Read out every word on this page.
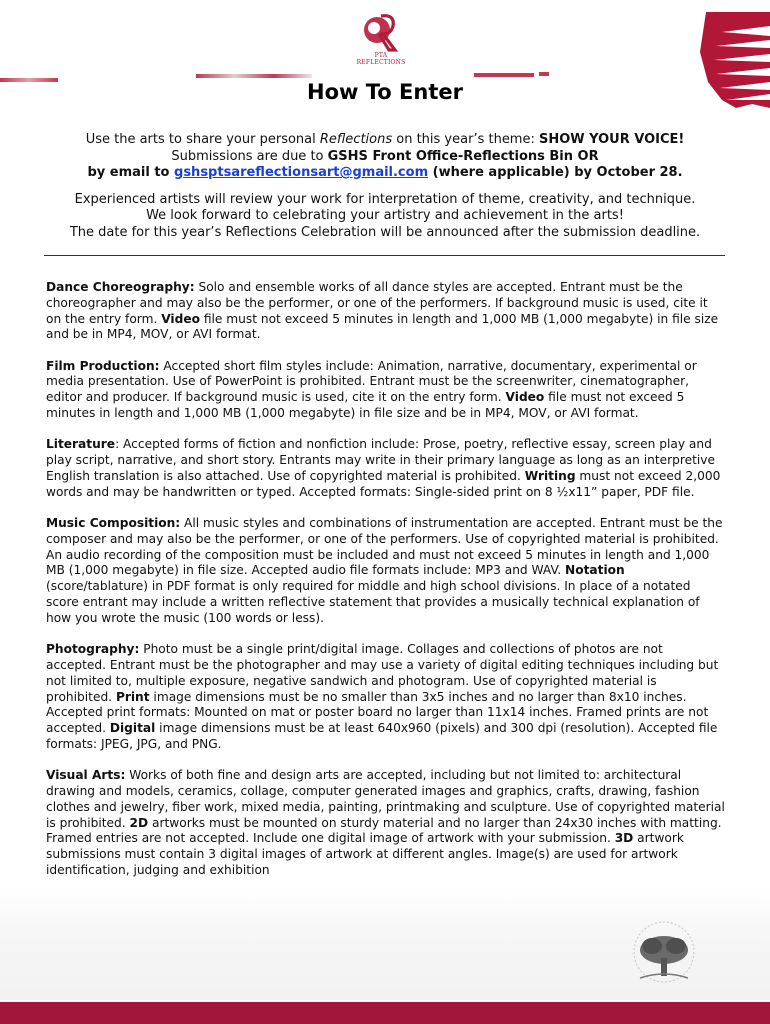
PTA REFLECTIONS
How To Enter

Use the arts to share your personal Reflections on this year’s theme: SHOW YOUR VOICE!

Submissions are due to GSHS Front Office-Reflections Bin OR

by email to gshsptsareflectionsart@gmail.com (where applicable) by October 28.

Experienced artists will review your work for interpretation of theme, creativity, and technique.

We look forward to celebrating your artistry and achievement in the arts!

The date for this year’s Reflections Celebration will be announced after the submission deadline.

Dance Choreography: Solo and ensemble works of all dance styles are accepted. Entrant must be the choreographer and may also be the performer, or one of the performers. If background music is used, cite it on the entry form. Video file must not exceed 5 minutes in length and 1,000 MB (1,000 megabyte) in file size and be in MP4, MOV, or AVI format.

Film Production: Accepted short film styles include: Animation, narrative, documentary, experimental or media presentation. Use of PowerPoint is prohibited. Entrant must be the screenwriter, cinematographer, editor and producer. If background music is used, cite it on the entry form. Video file must not exceed 5 minutes in length and 1,000 MB (1,000 megabyte) in file size and be in MP4, MOV, or AVI format.

Literature: Accepted forms of fiction and nonfiction include: Prose, poetry, reflective essay, screen play and play script, narrative, and short story. Entrants may write in their primary language as long as an interpretive English translation is also attached. Use of copyrighted material is prohibited. Writing must not exceed 2,000 words and may be handwritten or typed. Accepted formats: Single-sided print on 8 ½x11” paper, PDF file.

Music Composition: All music styles and combinations of instrumentation are accepted. Entrant must be the composer and may also be the performer, or one of the performers. Use of copyrighted material is prohibited. An audio recording of the composition must be included and must not exceed 5 minutes in length and 1,000 MB (1,000 megabyte) in file size. Accepted audio file formats include: MP3 and WAV. Notation (score/tablature) in PDF format is only required for middle and high school divisions. In place of a notated score entrant may include a written reflective statement that provides a musically technical explanation of how you wrote the music (100 words or less).

Photography: Photo must be a single print/digital image. Collages and collections of photos are not accepted. Entrant must be the photographer and may use a variety of digital editing techniques including but not limited to, multiple exposure, negative sandwich and photogram. Use of copyrighted material is prohibited. Print image dimensions must be no smaller than 3x5 inches and no larger than 8x10 inches. Accepted print formats: Mounted on mat or poster board no larger than 11x14 inches. Framed prints are not accepted. Digital image dimensions must be at least 640x960 (pixels) and 300 dpi (resolution). Accepted file formats: JPEG, JPG, and PNG.

Visual Arts: Works of both fine and design arts are accepted, including but not limited to: architectural drawing and models, ceramics, collage, computer generated images and graphics, crafts, drawing, fashion clothes and jewelry, fiber work, mixed media, painting, printmaking and sculpture. Use of copyrighted material is prohibited. 2D artworks must be mounted on sturdy material and no larger than 24x30 inches with matting. Framed entries are not accepted. Include one digital image of artwork with your submission. 3D artwork submissions must contain 3 digital images of artwork at different angles. Image(s) are used for artwork identification, judging and exhibition
